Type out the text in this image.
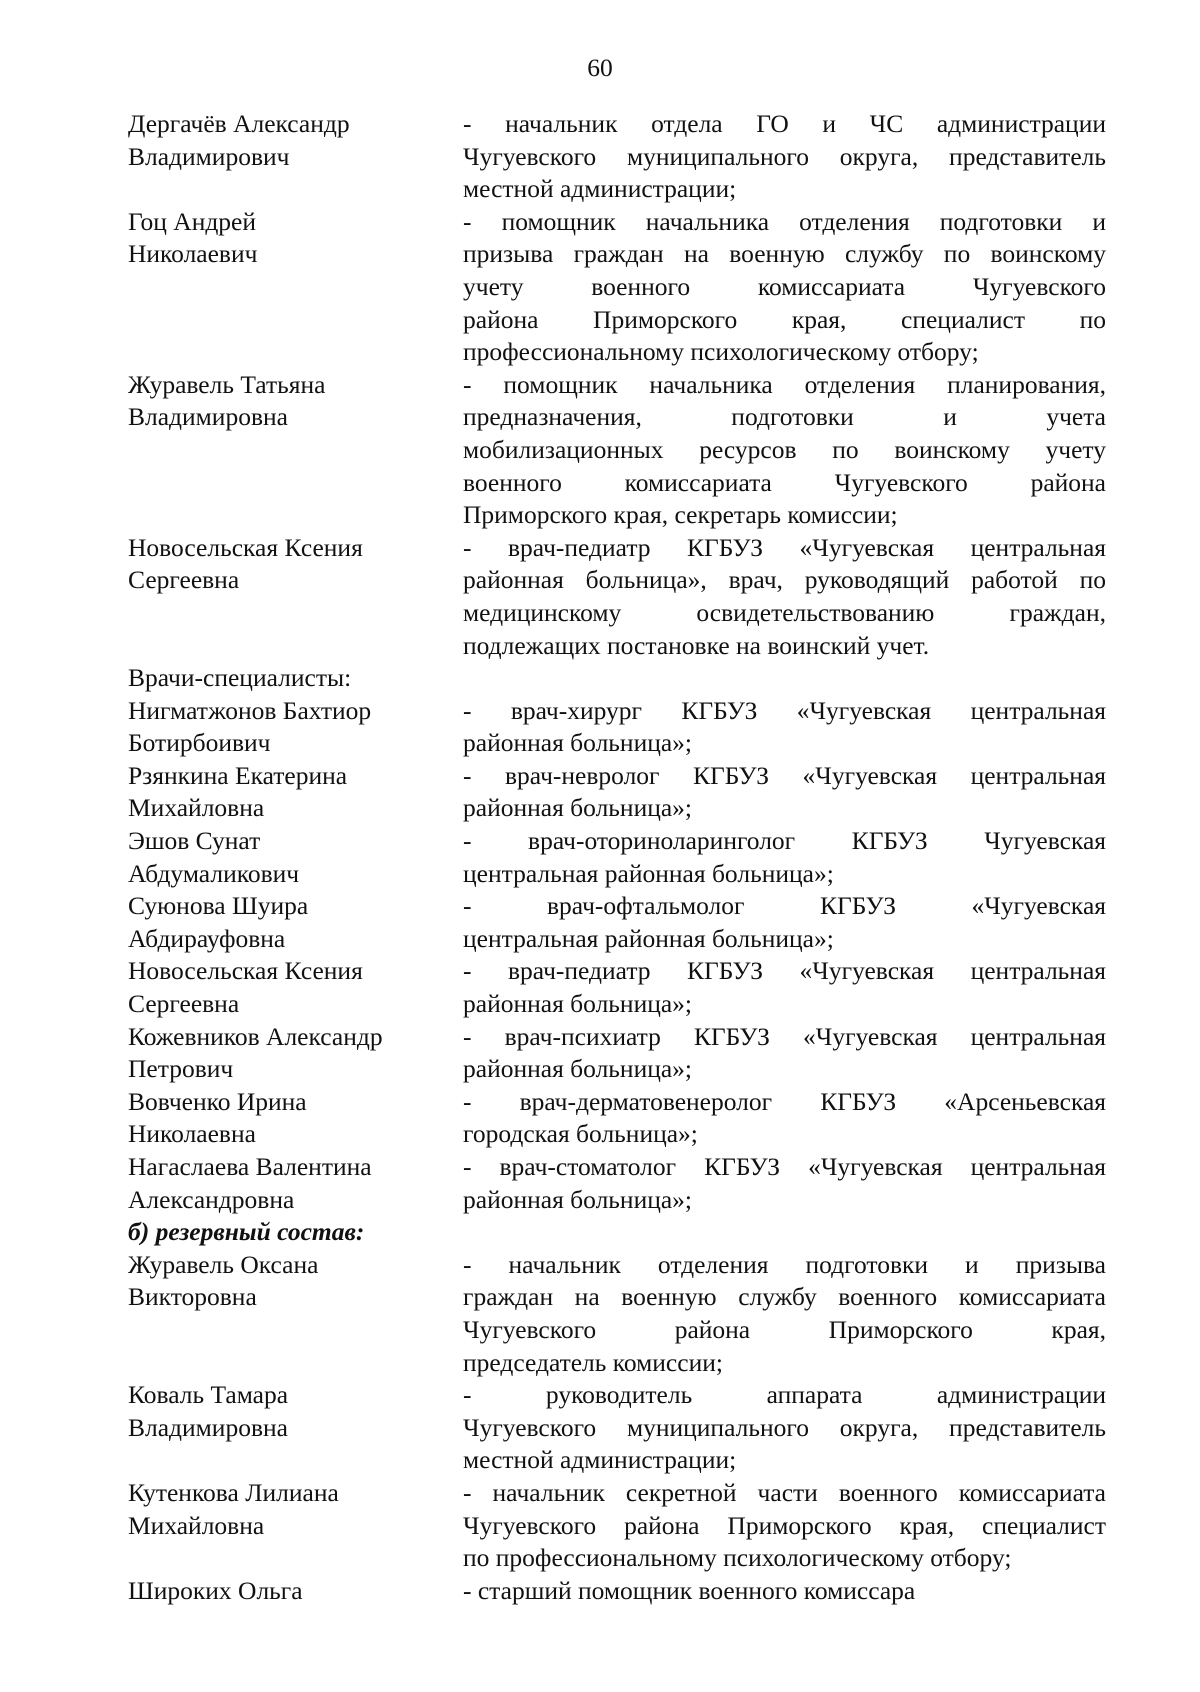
60
Дергачёв Александр
Владимирович
- начальник отдела ГО и ЧС администрации
Чугуевского муниципального округа, представитель
местной администрации;
Гоц Андрей
Николаевич
- помощник начальника отделения подготовки и
призыва граждан на военную службу по воинскому
учету военного комиссариата Чугуевского
района Приморского края, специалист по
профессиональному психологическому отбору;
Журавель Татьяна
Владимировна
- помощник начальника отделения планирования,
предназначения, подготовки и учета
мобилизационных ресурсов по воинскому учету
военного комиссариата Чугуевского района
Приморского края, секретарь комиссии;
Новосельская Ксения
Сергеевна
- врач-педиатр КГБУЗ «Чугуевская центральная
районная больница», врач, руководящий работой по
медицинскому освидетельствованию граждан,
подлежащих постановке на воинский учет.
Врачи-специалисты:
Нигматжонов Бахтиор
Ботирбоивич
- врач-хирург КГБУЗ «Чугуевская центральная
районная больница»;
Рзянкина Екатерина
Михайловна
- врач-невролог КГБУЗ «Чугуевская центральная
районная больница»;
Эшов Сунат
Абдумаликович
- врач-оториноларинголог КГБУЗ Чугуевская
центральная районная больница»;
Суюнова Шуира
Абдирауфовна
- врач-офтальмолог КГБУЗ «Чугуевская
центральная районная больница»;
Новосельская Ксения
Сергеевна
- врач-педиатр КГБУЗ «Чугуевская центральная
районная больница»;
Кожевников Александр
Петрович
- врач-психиатр КГБУЗ «Чугуевская центральная
районная больница»;
Вовченко Ирина
Николаевна
- врач-дерматовенеролог КГБУЗ «Арсеньевская
городская больница»;
Нагаслаева Валентина
Александровна
- врач-стоматолог КГБУЗ «Чугуевская центральная
районная больница»;
б) резервный состав:
Журавель Оксана
Викторовна
- начальник отделения подготовки и призыва
граждан на военную службу военного комиссариата
Чугуевского района Приморского края,
председатель комиссии;
Коваль Тамара
Владимировна
- руководитель аппарата администрации
Чугуевского муниципального округа, представитель
местной администрации;
Кутенкова Лилиана
Михайловна
- начальник секретной части военного комиссариата
Чугуевского района Приморского края, специалист
по профессиональному психологическому отбору;
Широких Ольга	- старший помощник военного комиссара
